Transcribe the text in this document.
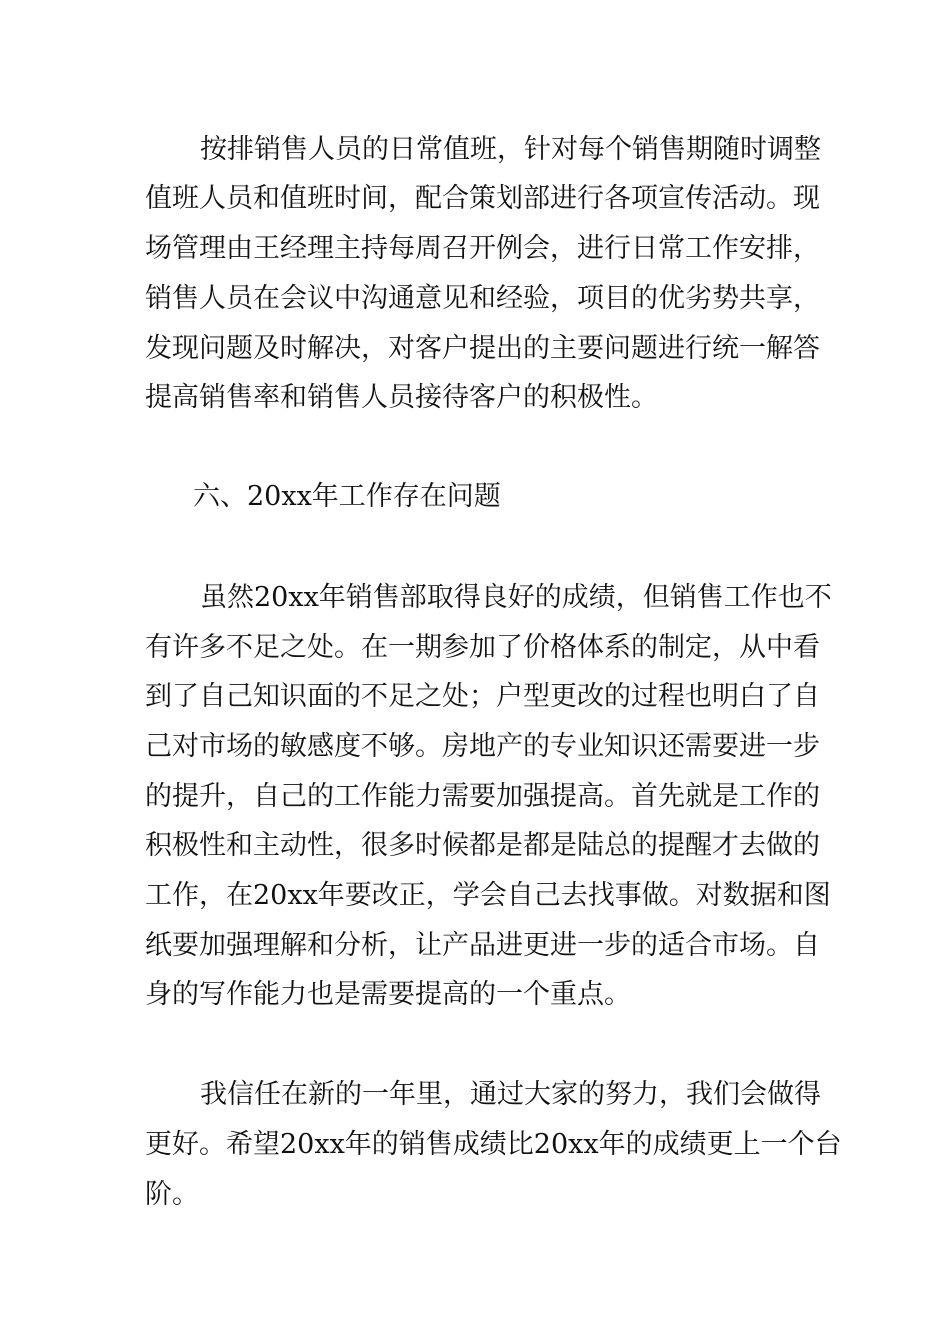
按排销售人员的日常值班，针对每个销售期随时调整
值班人员和值班时间，配合策划部进行各项宣传活动。现
场管理由王经理主持每周召开例会，进行日常工作安排，
销售人员在会议中沟通意见和经验，项目的优劣势共享，
发现问题及时解决，对客户提出的主要问题进行统一解答
提高销售率和销售人员接待客户的积极性。
六、20xx年工作存在问题
虽然20xx年销售部取得良好的成绩，但销售工作也不
有许多不足之处。在一期参加了价格体系的制定，从中看
到了自己知识面的不足之处；户型更改的过程也明白了自
己对市场的敏感度不够。房地产的专业知识还需要进一步
的提升，自己的工作能力需要加强提高。首先就是工作的
积极性和主动性，很多时候都是都是陆总的提醒才去做的
工作，在20xx年要改正，学会自己去找事做。对数据和图
纸要加强理解和分析，让产品进更进一步的适合市场。自
身的写作能力也是需要提高的一个重点。
我信任在新的一年里，通过大家的努力，我们会做得
更好。希望20xx年的销售成绩比20xx年的成绩更上一个台
阶。
